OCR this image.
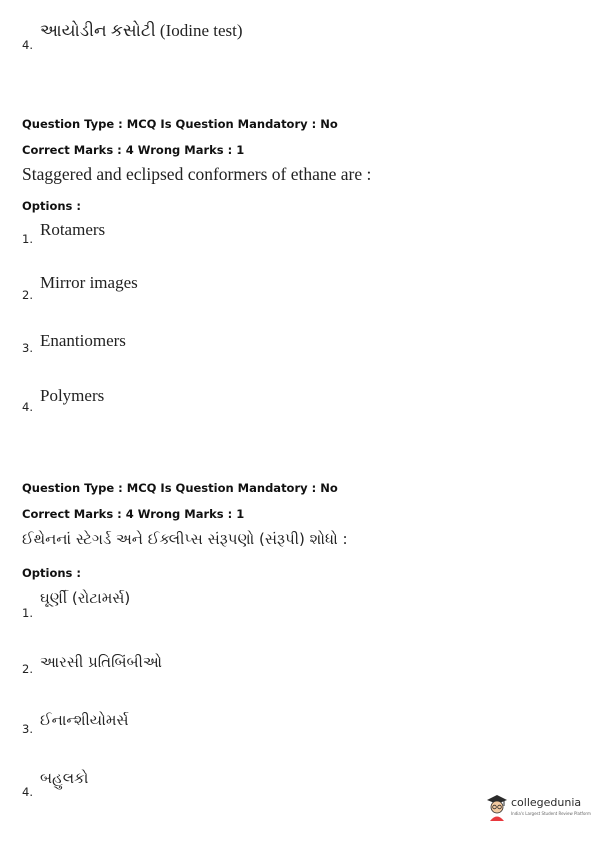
4.
આયોડીન કસોટી (Iodine test)
Question Type : MCQ Is Question Mandatory : No
Correct Marks : 4 Wrong Marks : 1
Staggered and eclipsed conformers of ethane are :
Options :
1. Rotamers
2.
Mirror images
3. Enantiomers
4.
Polymers
Question Type : MCQ Is Question Mandatory : No
Correct Marks : 4 Wrong Marks : 1
ઈથેનનાં સ્ટેગર્ડ અને ઈક્લીપ્સ સંરૂપણો (સંરૂપી) શોધો :
Options :
1.
ઘૂર્ણી (રોટામર્સ)
2. આરસી પ્રતિબિંબીઓ
3. ઈનાન્શીયોમર્સ
4.
બહુલકો
collegedunia
India's Largest Student Review Platform
